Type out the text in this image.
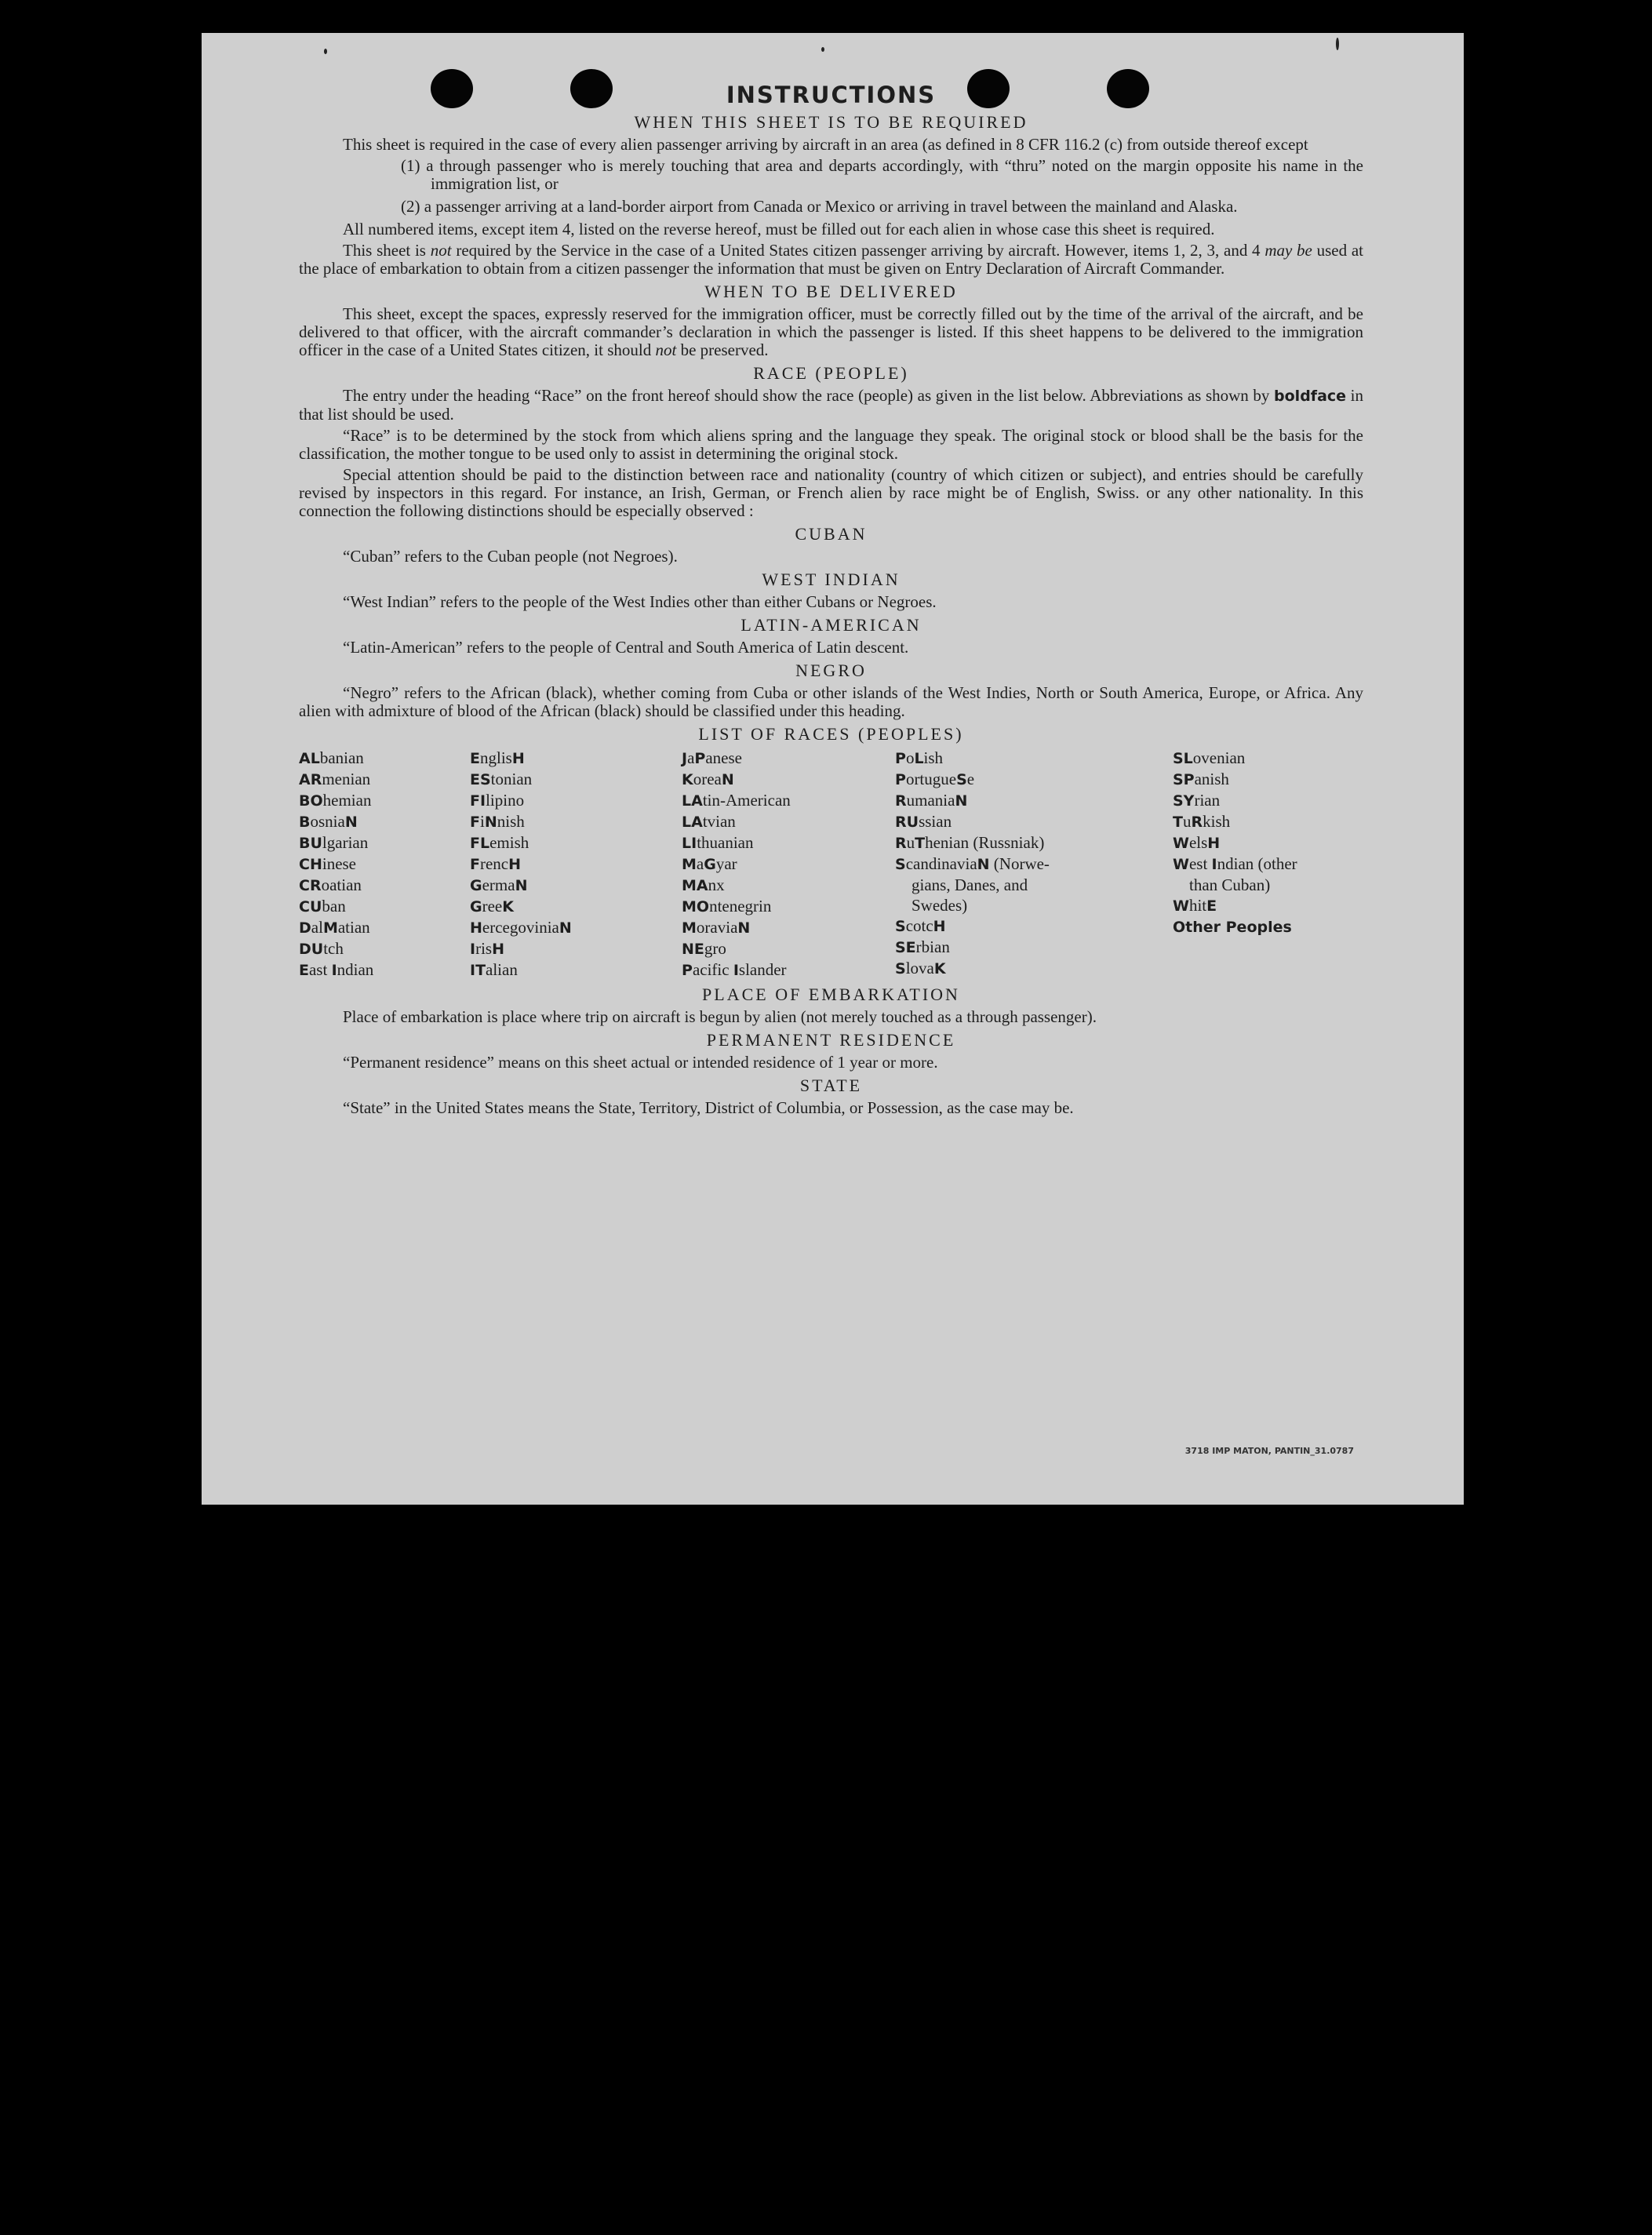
INSTRUCTIONS
WHEN THIS SHEET IS TO BE REQUIRED

This sheet is required in the case of every alien passenger arriving by aircraft in an area (as defined in 8 CFR 116.2 (c) from outside thereof except

(1) a through passenger who is merely touching that area and departs accordingly, with “thru” noted on the margin opposite his name in the immigration list, or
(2) a passenger arriving at a land-border airport from Canada or Mexico or arriving in travel between the mainland and Alaska.

All numbered items, except item 4, listed on the reverse hereof, must be filled out for each alien in whose case this sheet is required.

This sheet is not required by the Service in the case of a United States citizen passenger arriving by aircraft. However, items 1, 2, 3, and 4 may be used at the place of embarkation to obtain from a citizen passenger the information that must be given on Entry Declaration of Aircraft Commander.

WHEN TO BE DELIVERED

This sheet, except the spaces, expressly reserved for the immigration officer, must be correctly filled out by the time of the arrival of the aircraft, and be delivered to that officer, with the aircraft commander’s declaration in which the passenger is listed. If this sheet happens to be delivered to the immigration officer in the case of a United States citizen, it should not be preserved.

RACE (PEOPLE)

The entry under the heading “Race” on the front hereof should show the race (people) as given in the list below. Abbreviations as shown by boldface in that list should be used.

“Race” is to be determined by the stock from which aliens spring and the language they speak. The original stock or blood shall be the basis for the classification, the mother tongue to be used only to assist in determining the original stock.

Special attention should be paid to the distinction between race and nationality (country of which citizen or subject), and entries should be carefully revised by inspectors in this regard. For instance, an Irish, German, or French alien by race might be of English, Swiss. or any other nationality. In this connection the following distinctions should be especially observed :

CUBAN

“Cuban” refers to the Cuban people (not Negroes).

WEST INDIAN

“West Indian” refers to the people of the West Indies other than either Cubans or Negroes.

LATIN-AMERICAN

“Latin-American” refers to the people of Central and South America of Latin descent.

NEGRO

“Negro” refers to the African (black), whether coming from Cuba or other islands of the West Indies, North or South America, Europe, or Africa. Any alien with admixture of blood of the African (black) should be classified under this heading.

LIST OF RACES (PEOPLES)
ALbanian
ARmenian
BOhemian
BosniaN
BUlgarian
CHinese
CRoatian
CUban
DalMatian
DUtch
East Indian
EnglisH
EStonian
FIlipino
FiNnish
FLemish
FrencH
GermaN
GreeK
HercegoviniaN
IrisH
ITalian
JaPanese
KoreaN
LAtin-American
LAtvian
LIthuanian
MaGyar
MAnx
MOntenegrin
MoraviaN
NEgro
Pacific Islander
PoLish
PortugueSe
RumaniaN
RUssian
RuThenian (Russniak)
ScandinaviaN (Norwe-
gians, Danes, and
Swedes)
ScotcH
SErbian
SlovaK
SLovenian
SPanish
SYrian
TuRkish
WelsH
West Indian (other
than Cuban)
WhitE
Other Peoples
PLACE OF EMBARKATION

Place of embarkation is place where trip on aircraft is begun by alien (not merely touched as a through passenger).

PERMANENT RESIDENCE

“Permanent residence” means on this sheet actual or intended residence of 1 year or more.

STATE

“State” in the United States means the State, Territory, District of Columbia, or Possession, as the case may be.

3718 IMP MATON, PANTIN_31.0787
